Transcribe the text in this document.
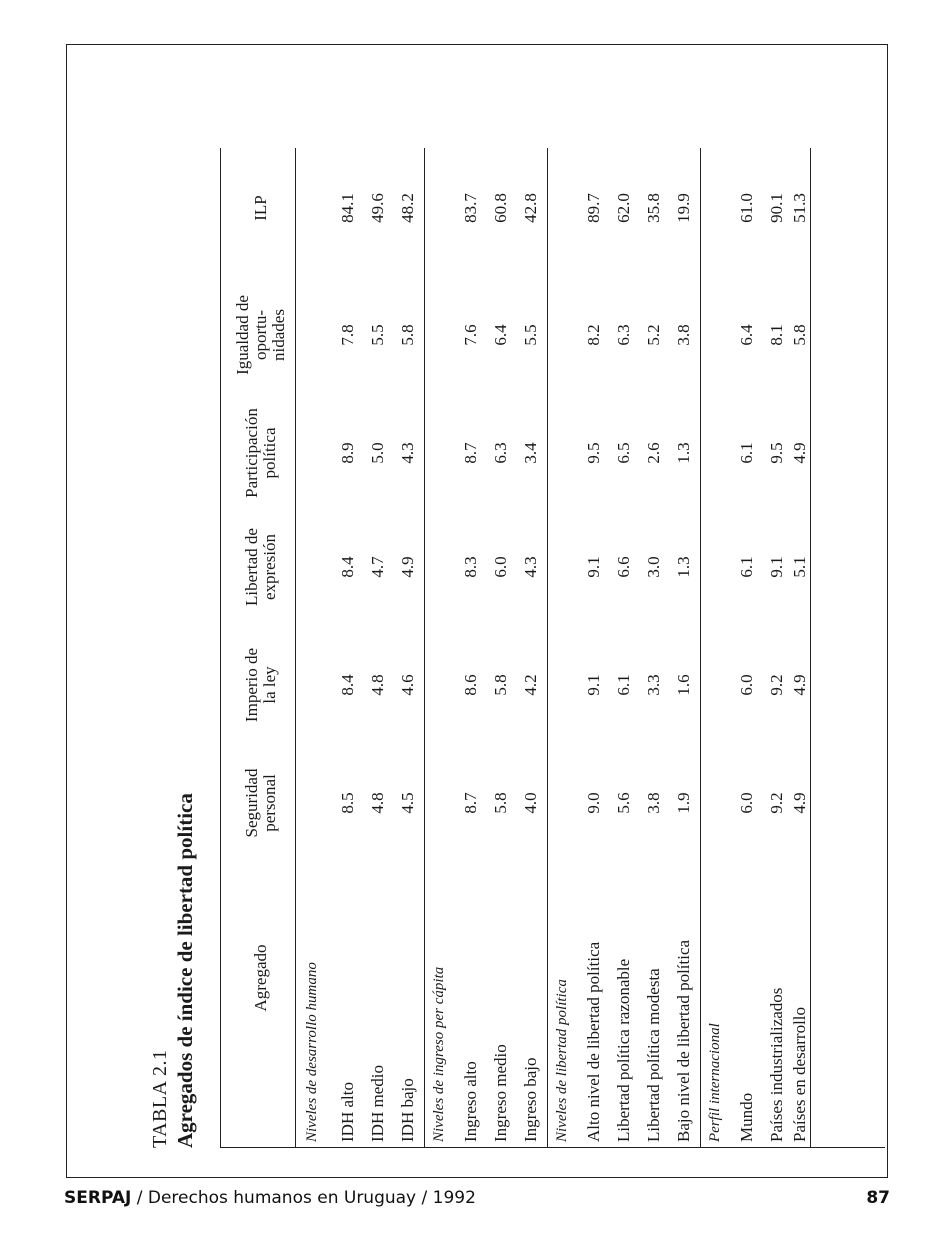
TABLA 2.1 Agregados de índice de libertad política	Agregado
Seguridad personal
Imperio de la ley
Libertad de expresión
Participación política
Igualdad de oportu- nidades
ILP
Niveles de desarrollo humano IDH alto IDH medio IDH bajo Niveles de ingreso per cápita Ingreso alto Ingreso medio Ingreso bajo Niveles de libertad política Alto nivel de libertad política Libertad política razonable Libertad política modesta Bajo nivel de libertad política Perfil internacional Mundo Países industrializados Países en desarrollo
8.5
8.4
8.4
8.9
7.8
84.1
4.8
4.8
4.7
5.0
5.5
49.6
4.5
4.6
4.9
4.3
5.8
48.2
8.7
8.6
8.3
8.7
7.6
83.7
5.8
5.8
6.0
6.3
6.4
60.8
4.0
4.2
4.3
3.4
5.5
42.8
9.0
9.1
9.1
9.5
8.2
89.7
5.6
6.1
6.6
6.5
6.3
62.0
3.8
3.3
3.0
2.6
5.2
35.8
1.9
1.6
1.3
1.3
3.8
19.9
6.0
6.0
6.1
6.1
6.4
61.0
9.2
9.2
9.1
9.5
8.1
90.1
4.9
4.9
5.1
4.9
5.8
51.3
SERPAJ / Derechos humanos en Uruguay / 1992	87
